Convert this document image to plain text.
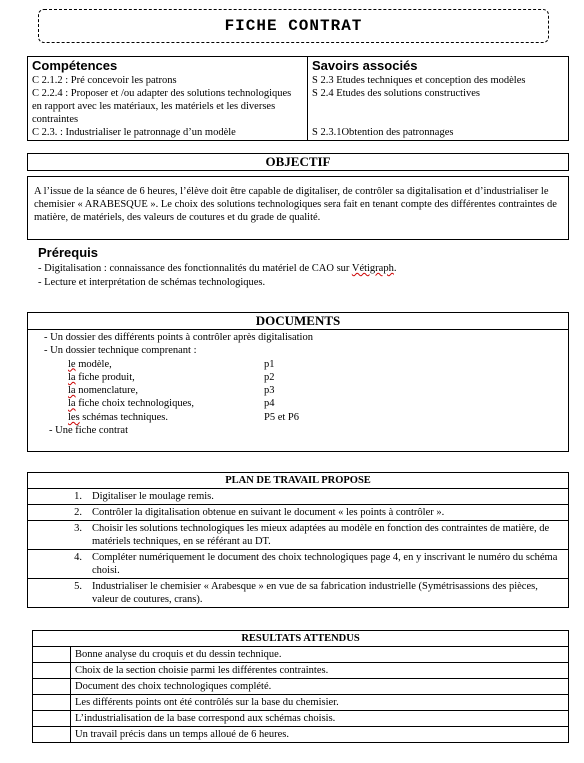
FICHE CONTRAT
Compétences
C 2.1.2 : Pré concevoir les patrons
C 2.2.4 : Proposer et /ou adapter des solutions technologiques en rapport avec les matériaux, les matériels et les diverses contraintes
C 2.3. : Industrialiser le patronnage d’un modèle

Savoirs associés
S 2.3 Etudes techniques et conception des modèles
S 2.4 Etudes des solutions constructives
S 2.3.1Obtention des patronnages
OBJECTIF
A l’issue de la séance de 6 heures, l’élève doit être capable de digitaliser, de contrôler sa digitalisation et d’industrialiser le chemisier « ARABESQUE ». Le choix des solutions technologiques sera fait en tenant compte des différentes contraintes de matière, de matériels, des valeurs de coutures et du grade de qualité.
Prérequis
- Digitalisation : connaissance des fonctionnalités du matériel de CAO sur Vétigraph.
- Lecture et interprétation de schémas technologiques.
DOCUMENTS
- Un dossier des différents points à contrôler après digitalisation
- Un dossier technique comprenant :
le modèle,	p1
la fiche produit,	p2
la nomenclature,	p3
la fiche choix technologiques,	p4
les schémas techniques.	P5 et P6
- Une fiche contrat
PLAN DE TRAVAIL PROPOSE	
1.	Digitaliser le moulage remis.
2.	Contrôler la digitalisation obtenue en suivant le document « les points à contrôler ».
3.	Choisir les solutions technologiques les mieux adaptées au modèle en fonction des contraintes de matière, de matériels techniques, en se référant au DT.
4.	Compléter numériquement le document des choix technologiques page 4, en y inscrivant le numéro du schéma choisi.
5.	Industrialiser le chemisier « Arabesque » en vue de sa fabrication industrielle (Symétrisassions des pièces, valeur de coutures, crans).
RESULTATS ATTENDUS	
	Bonne analyse du croquis et du dessin technique.
	Choix de la section choisie parmi les différentes contraintes.
	Document des choix technologiques complété.
	Les différents points ont été contrôlés sur la base du chemisier.
	L’industrialisation de la base correspond aux schémas choisis.
	Un travail précis dans un temps alloué de 6 heures.
